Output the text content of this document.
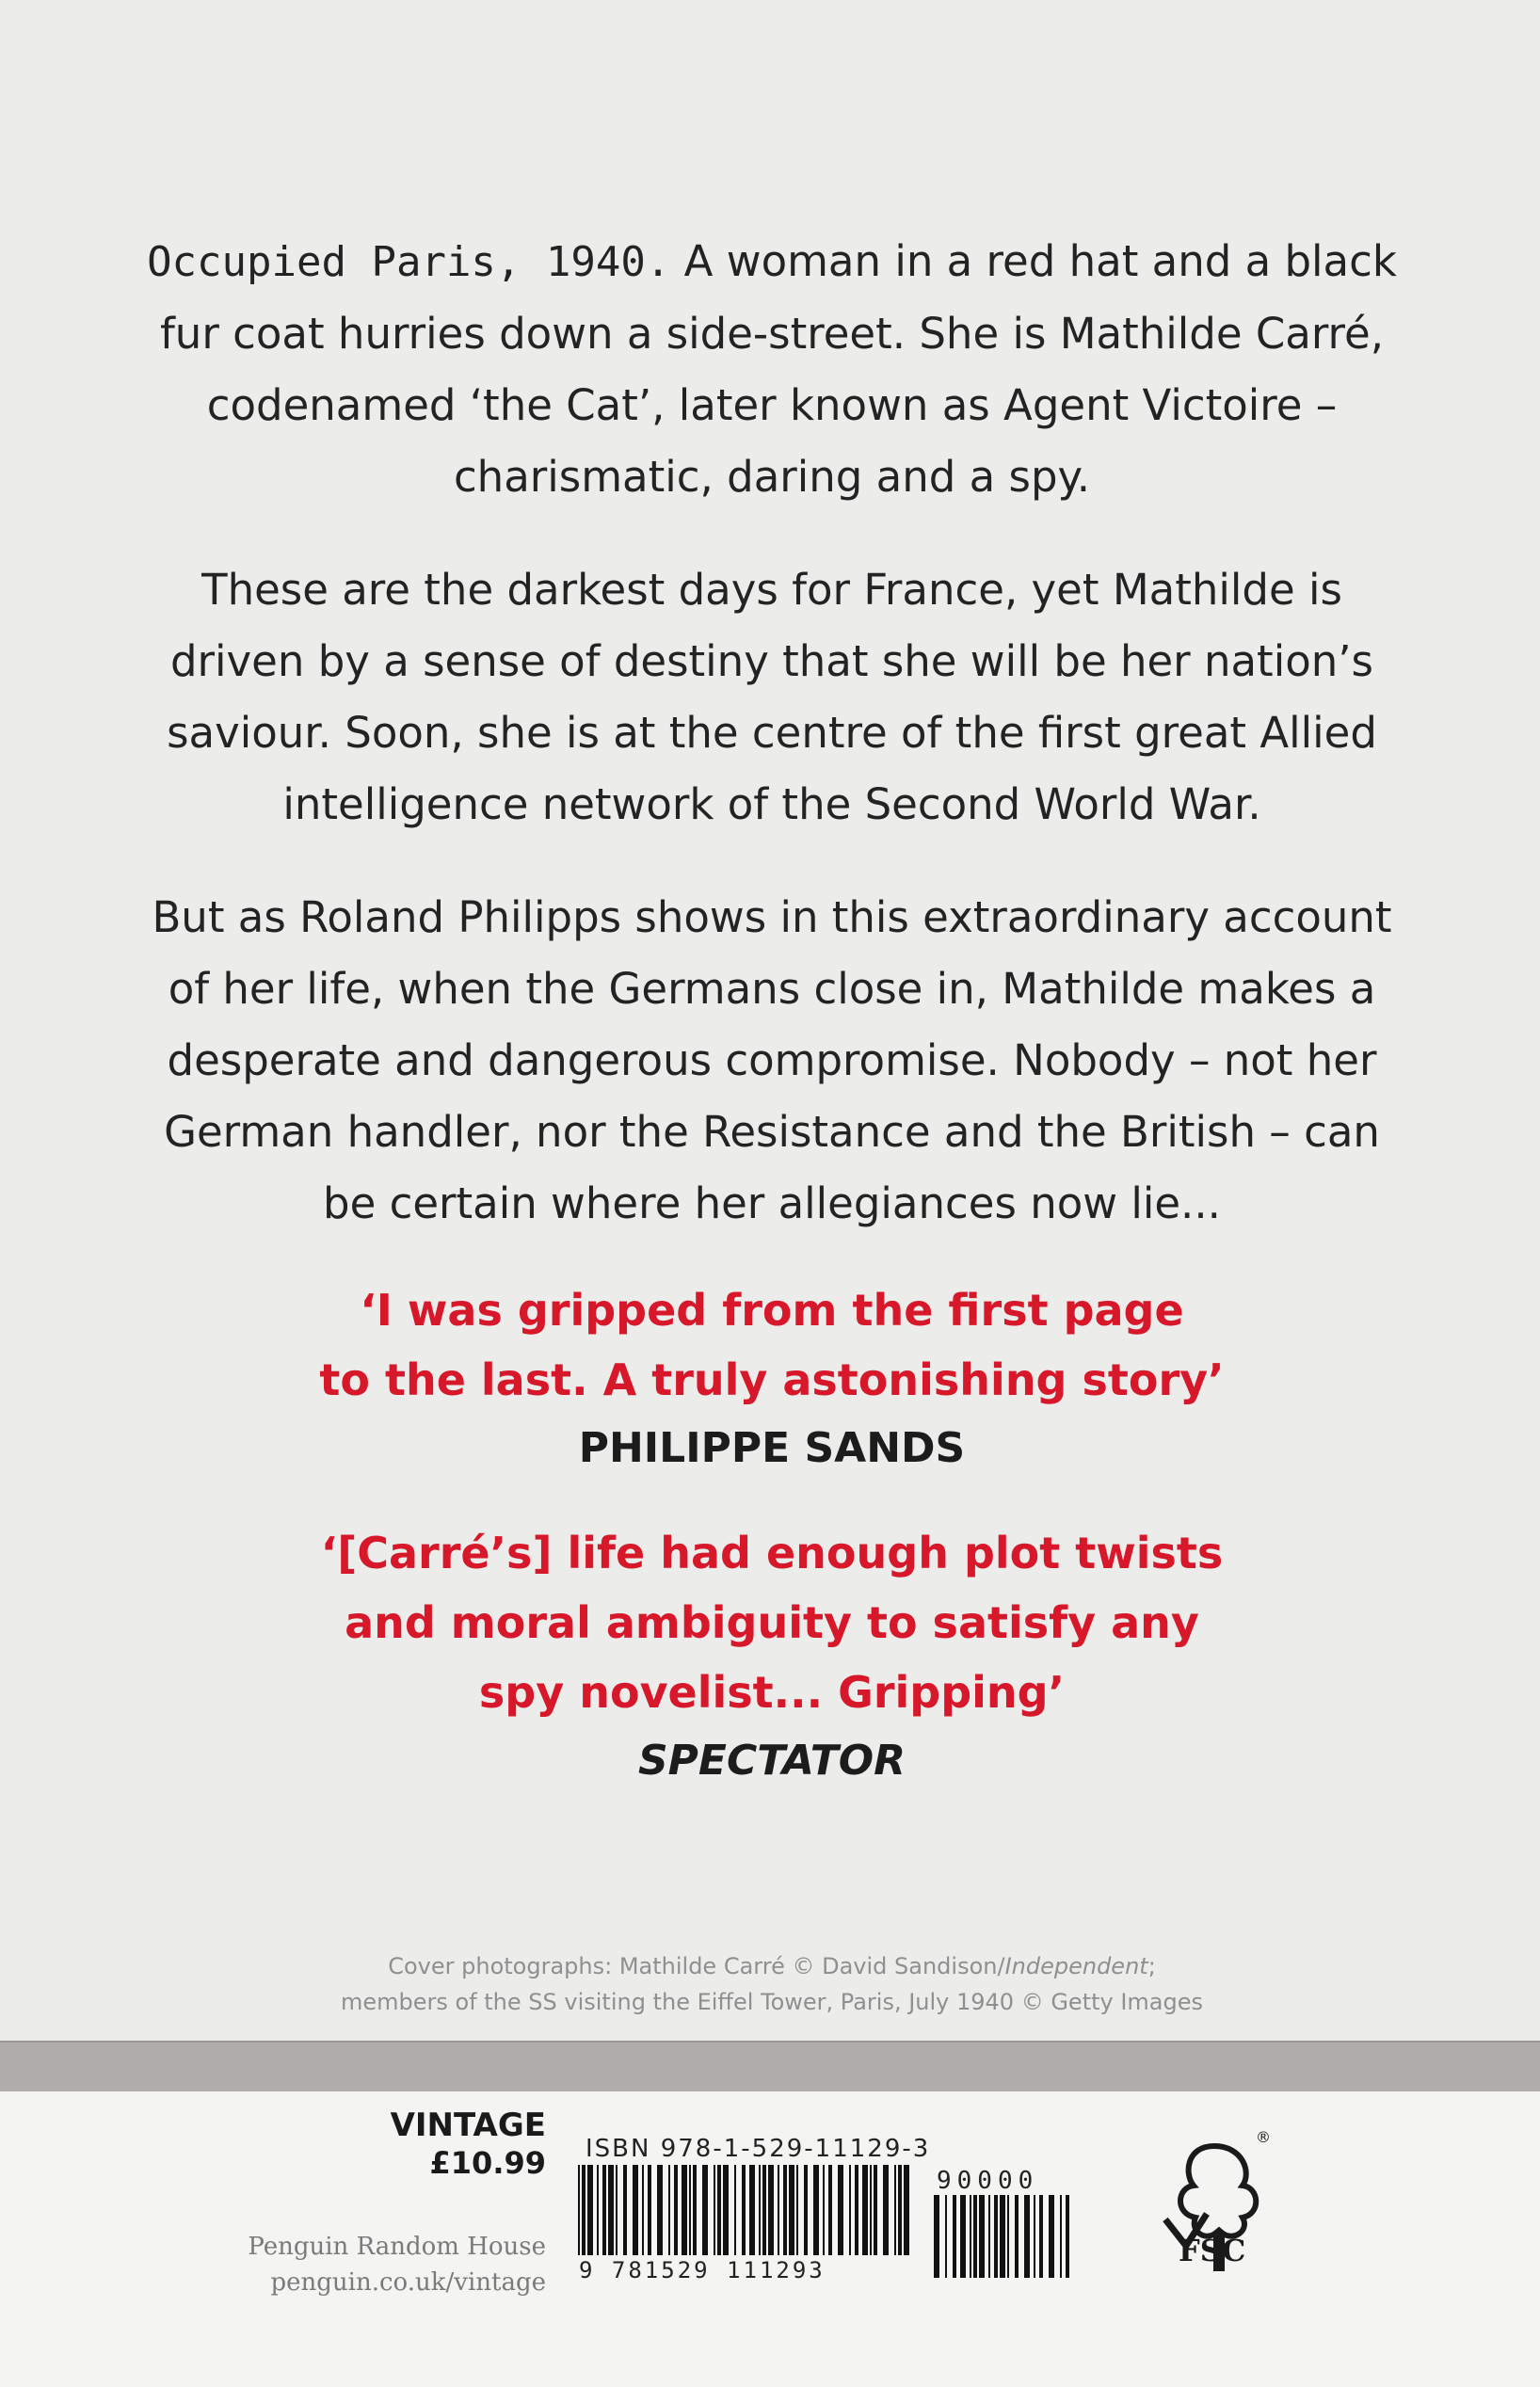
Occupied Paris, 1940. A woman in a red hat and a black fur coat hurries down a side-street. She is Mathilde Carré, codenamed ‘the Cat’, later known as Agent Victoire – charismatic, daring and a spy.

These are the darkest days for France, yet Mathilde is driven by a sense of destiny that she will be her nation’s saviour. Soon, she is at the centre of the first great Allied intelligence network of the Second World War.

But as Roland Philipps shows in this extraordinary account of her life, when the Germans close in, Mathilde makes a desperate and dangerous compromise. Nobody – not her German handler, nor the Resistance and the British – can be certain where her allegiances now lie...

‘I was gripped from the first page

to the last. A truly astonishing story’

PHILIPPE SANDS

‘[Carré’s] life had enough plot twists

and moral ambiguity to satisfy any

spy novelist... Gripping’

SPECTATOR

Cover photographs: Mathilde Carré © David Sandison/Independent;
members of the SS visiting the Eiffel Tower, Paris, July 1940 © Getty Images
VINTAGE
£10.99
Penguin Random House
penguin.co.uk/vintage
ISBN 978-1-529-11129-3
9 781529 111293
90000
®
FSC
